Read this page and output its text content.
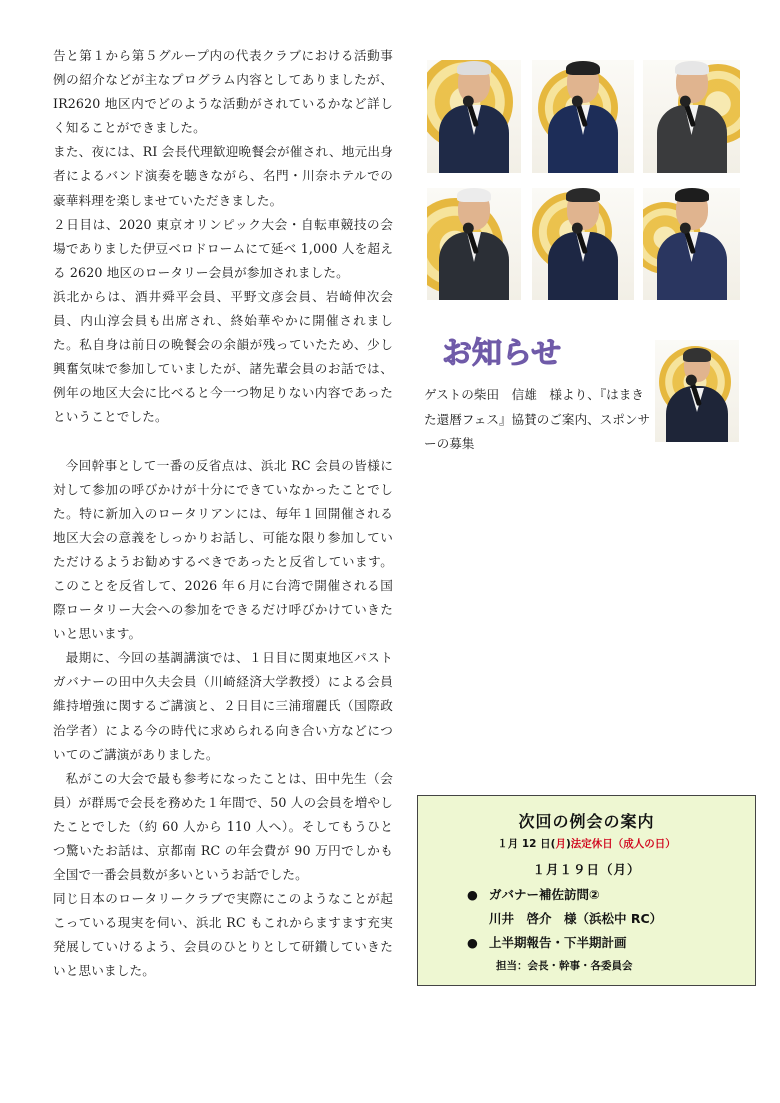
告と第１から第５グループ内の代表クラブにおける活動事例の紹介などが主なプログラム内容としてありましたが、IR2620 地区内でどのような活動がされているかなど詳しく知ることができました。

また、夜には、RI 会長代理歓迎晩餐会が催され、地元出身者によるバンド演奏を聴きながら、名門・川奈ホテルでの豪華料理を楽しませていただきました。

２日目は、2020 東京オリンピック大会・自転車競技の会場でありました伊豆ベロドロームにて延べ 1,000 人を超える 2620 地区のロータリー会員が参加されました。

浜北からは、酒井舜平会員、平野文彦会員、岩崎伸次会員、内山淳会員も出席され、終始華やかに開催されました。私自身は前日の晩餐会の余韻が残っていたため、少し興奮気味で参加していましたが、諸先輩会員のお話では、例年の地区大会に比べると今一つ物足りない内容であったということでした。

今回幹事として一番の反省点は、浜北 RC 会員の皆様に対して参加の呼びかけが十分にできていなかったことでした。特に新加入のロータリアンには、毎年１回開催される地区大会の意義をしっかりお話し、可能な限り参加していただけるようお勧めするべきであったと反省しています。このことを反省して、2026 年６月に台湾で開催される国際ロータリー大会への参加をできるだけ呼びかけていきたいと思います。

最期に、今回の基調講演では、１日目に関東地区パストガバナーの田中久夫会員（川崎経済大学教授）による会員維持増強に関するご講演と、２日目に三浦瑠麗氏（国際政治学者）による今の時代に求められる向き合い方などについてのご講演がありました。

私がこの大会で最も参考になったことは、田中先生（会員）が群馬で会長を務めた１年間で、50 人の会員を増やしたことでした（約 60 人から 110 人へ）。そしてもうひとつ驚いたお話は、京都南 RC の年会費が 90 万円でしかも全国で一番会員数が多いというお話でした。

同じ日本のロータリークラブで実際にこのようなことが起こっている現実を伺い、浜北 RC もこれからますます充実発展していけるよう、会員のひとりとして研鑽していきたいと思いました。

お知らせ
ゲストの柴田　信雄　様より、『はまきた還暦フェス』協賛のご案内、スポンサーの募集
次回の例会の案内
１月 12 日(月)法定休日（成人の日）
１月１９日（月）
● ガバナー補佐訪問②
川井　啓介　様（浜松中 RC）
● 上半期報告・下半期計画
担当：会長・幹事・各委員会
